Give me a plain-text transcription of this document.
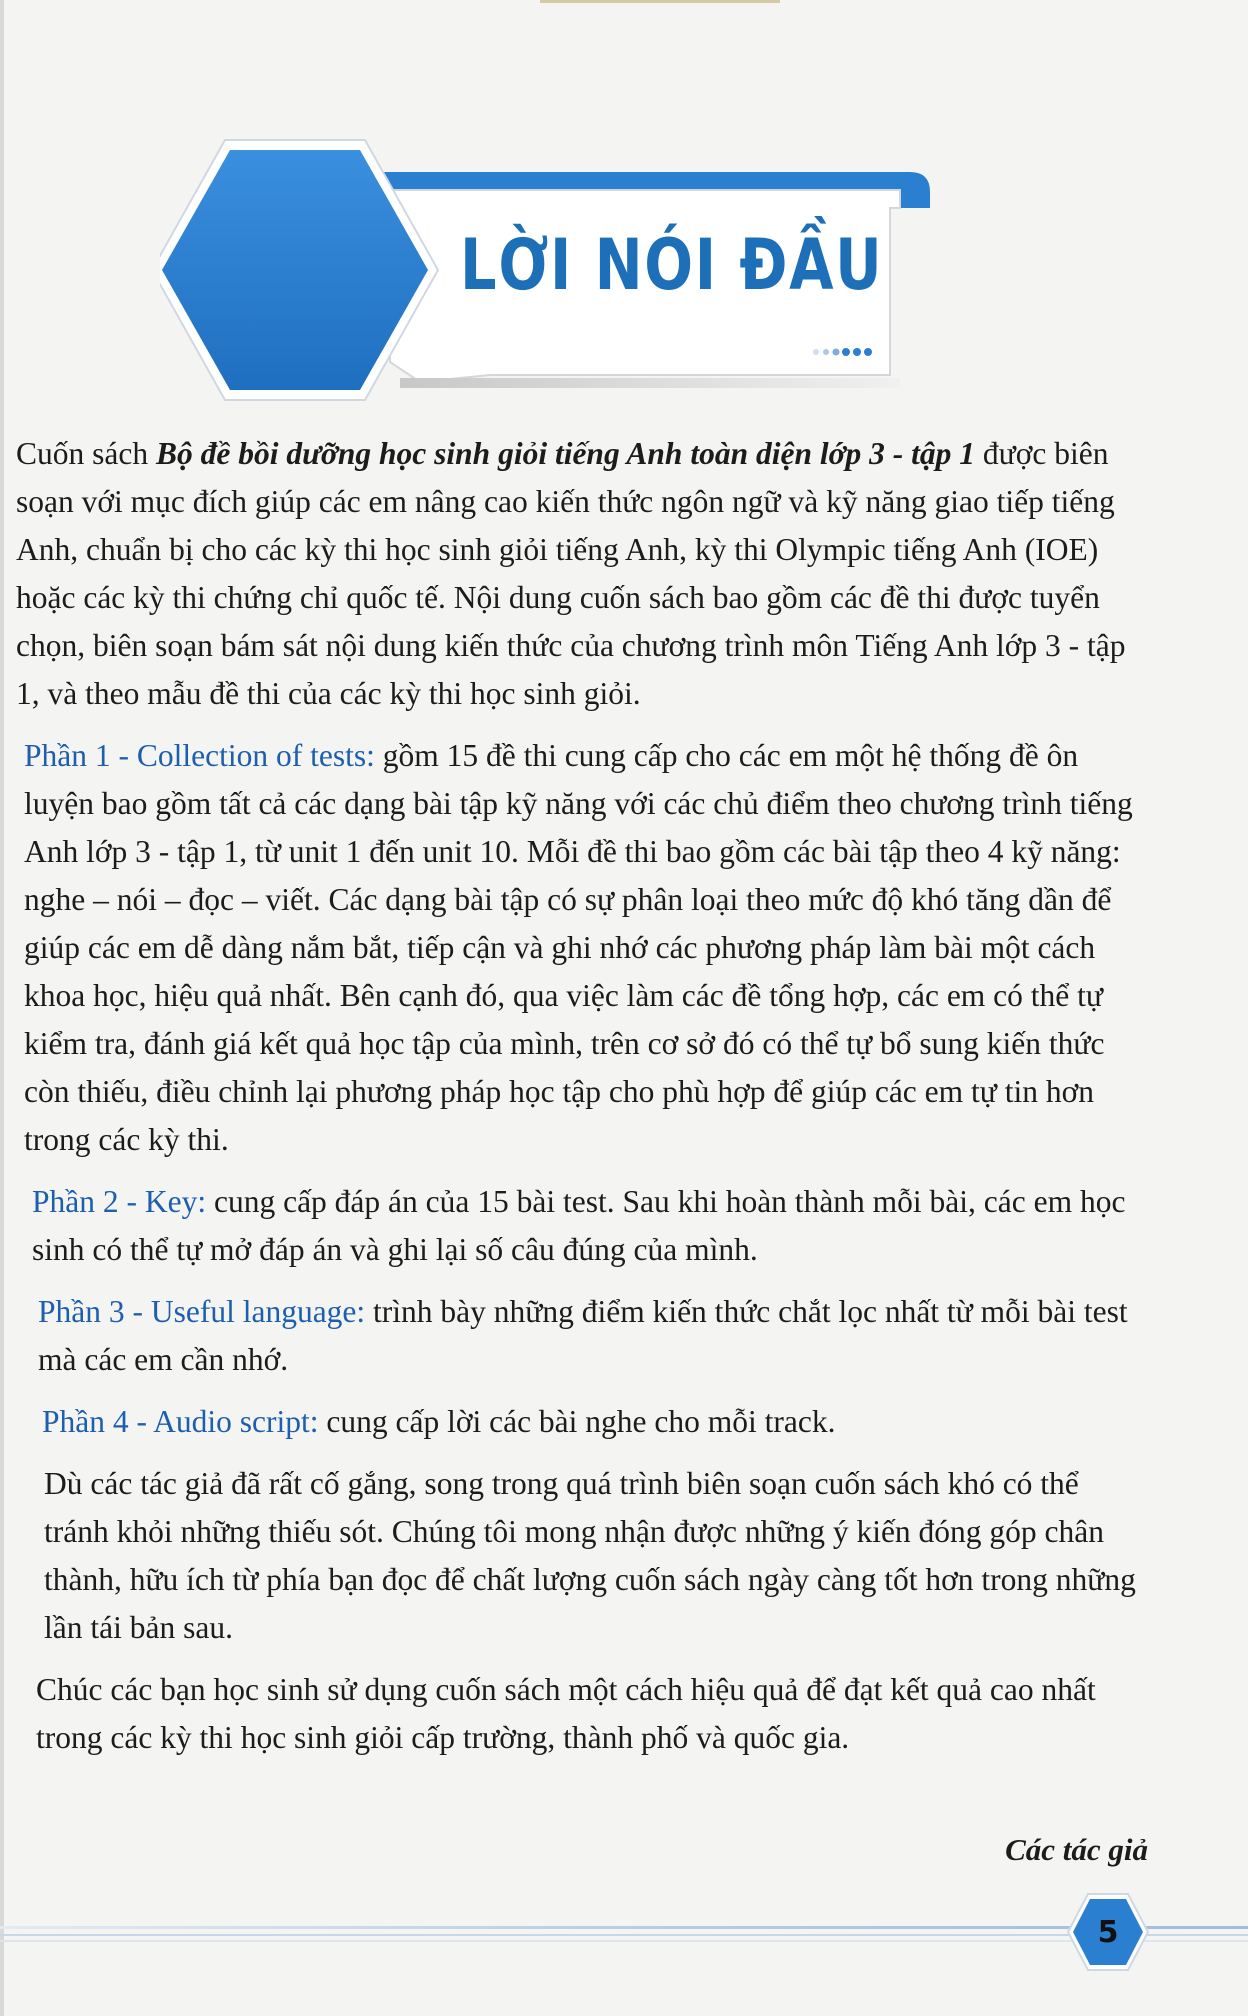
LỜI NÓI ĐẦU

Cuốn sách Bộ đề bồi dưỡng học sinh giỏi tiếng Anh toàn diện lớp 3 - tập 1 được biên soạn với mục đích giúp các em nâng cao kiến thức ngôn ngữ và kỹ năng giao tiếp tiếng Anh, chuẩn bị cho các kỳ thi học sinh giỏi tiếng Anh, kỳ thi Olympic tiếng Anh (IOE) hoặc các kỳ thi chứng chỉ quốc tế. Nội dung cuốn sách bao gồm các đề thi được tuyển chọn, biên soạn bám sát nội dung kiến thức của chương trình môn Tiếng Anh lớp 3 - tập 1, và theo mẫu đề thi của các kỳ thi học sinh giỏi.

Phần 1 - Collection of tests: gồm 15 đề thi cung cấp cho các em một hệ thống đề ôn luyện bao gồm tất cả các dạng bài tập kỹ năng với các chủ điểm theo chương trình tiếng Anh lớp 3 - tập 1, từ unit 1 đến unit 10. Mỗi đề thi bao gồm các bài tập theo 4 kỹ năng: nghe – nói – đọc – viết. Các dạng bài tập có sự phân loại theo mức độ khó tăng dần để giúp các em dễ dàng nắm bắt, tiếp cận và ghi nhớ các phương pháp làm bài một cách khoa học, hiệu quả nhất. Bên cạnh đó, qua việc làm các đề tổng hợp, các em có thể tự kiểm tra, đánh giá kết quả học tập của mình, trên cơ sở đó có thể tự bổ sung kiến thức còn thiếu, điều chỉnh lại phương pháp học tập cho phù hợp để giúp các em tự tin hơn trong các kỳ thi.

Phần 2 - Key: cung cấp đáp án của 15 bài test. Sau khi hoàn thành mỗi bài, các em học sinh có thể tự mở đáp án và ghi lại số câu đúng của mình.

Phần 3 - Useful language: trình bày những điểm kiến thức chắt lọc nhất từ mỗi bài test mà các em cần nhớ.

Phần 4 - Audio script: cung cấp lời các bài nghe cho mỗi track.

Dù các tác giả đã rất cố gắng, song trong quá trình biên soạn cuốn sách khó có thể tránh khỏi những thiếu sót. Chúng tôi mong nhận được những ý kiến đóng góp chân thành, hữu ích từ phía bạn đọc để chất lượng cuốn sách ngày càng tốt hơn trong những lần tái bản sau.

Chúc các bạn học sinh sử dụng cuốn sách một cách hiệu quả để đạt kết quả cao nhất trong các kỳ thi học sinh giỏi cấp trường, thành phố và quốc gia.

Các tác giả

5
